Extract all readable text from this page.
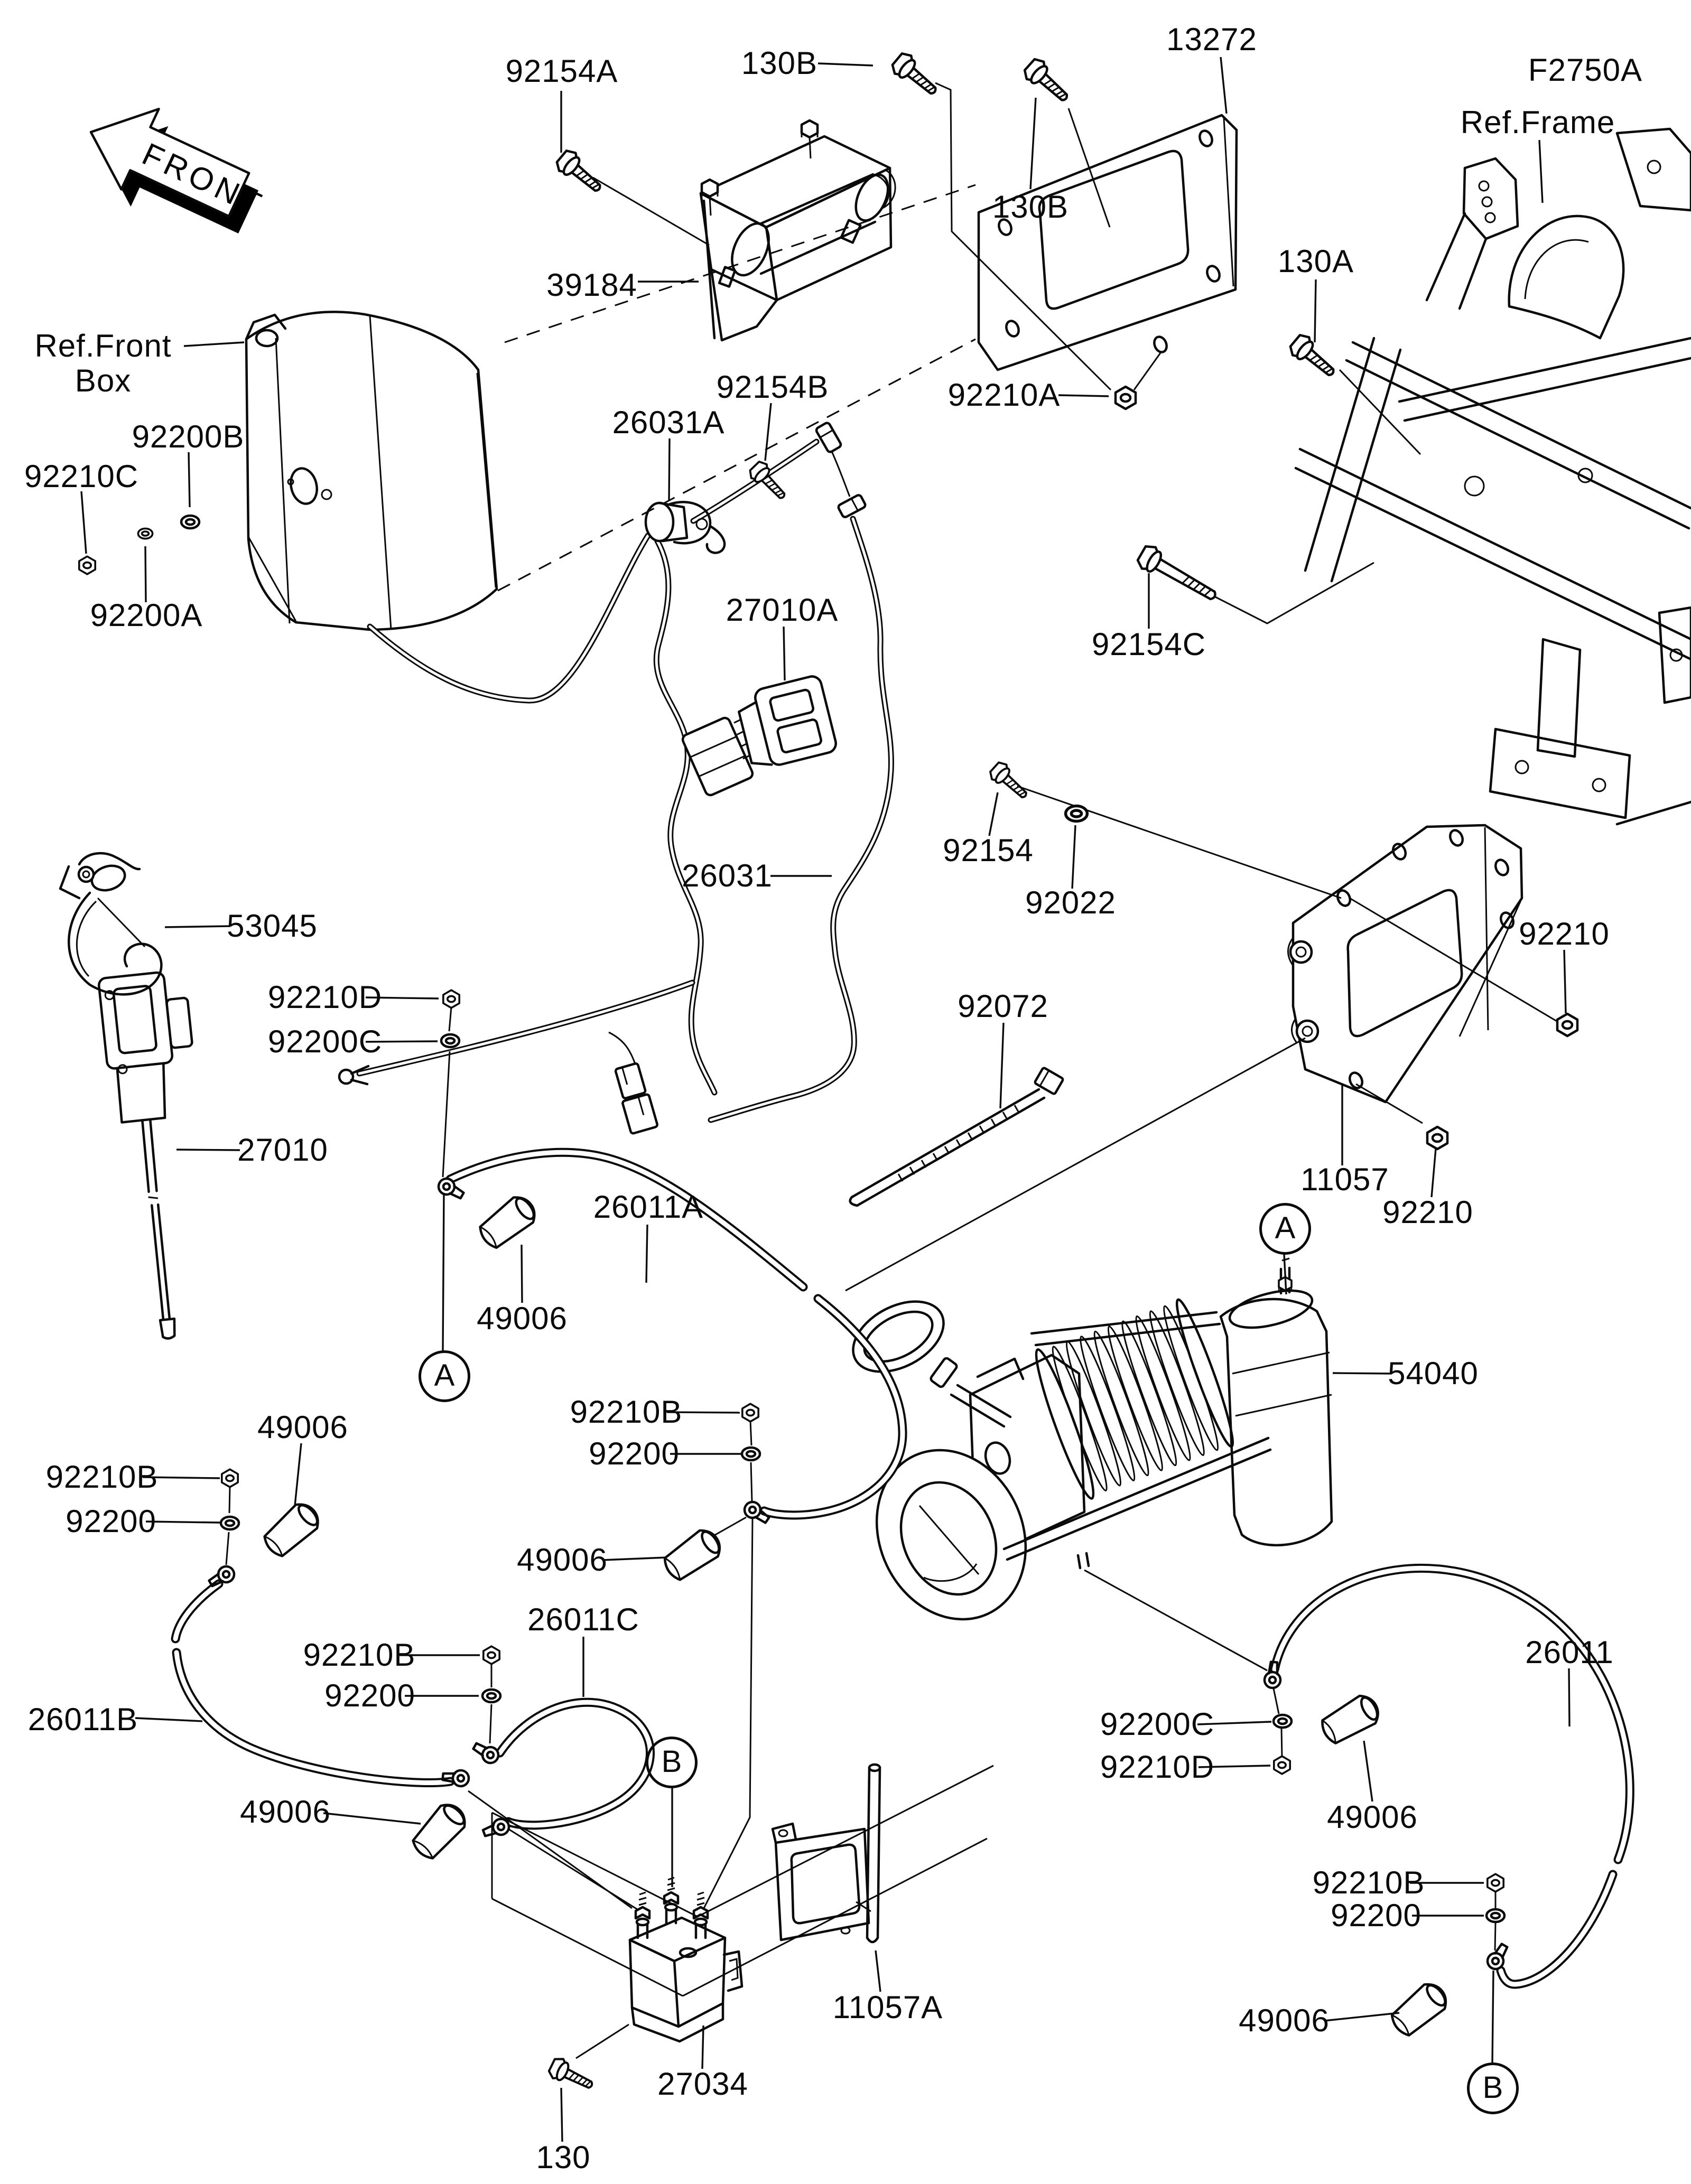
FRONT
92154A	130B
13272
F2750A
Ref.Frame
130B
39184
Ref.Front
Box
92200B
92210C
26031A
92154B
92200A	27010A
130A
92210A
92154C
92154
92022
26031
53045
92210D
92200C
27010
92072
92210
11057
92210
26011A
49006
92210B
92200
49006
92210B
92200
49006
26011B
92210B
92200
26011C
49006
11057A
27034
130
54040
92200C
92210D
49006
26011
92210B
92200
49006
A
A
B
B
